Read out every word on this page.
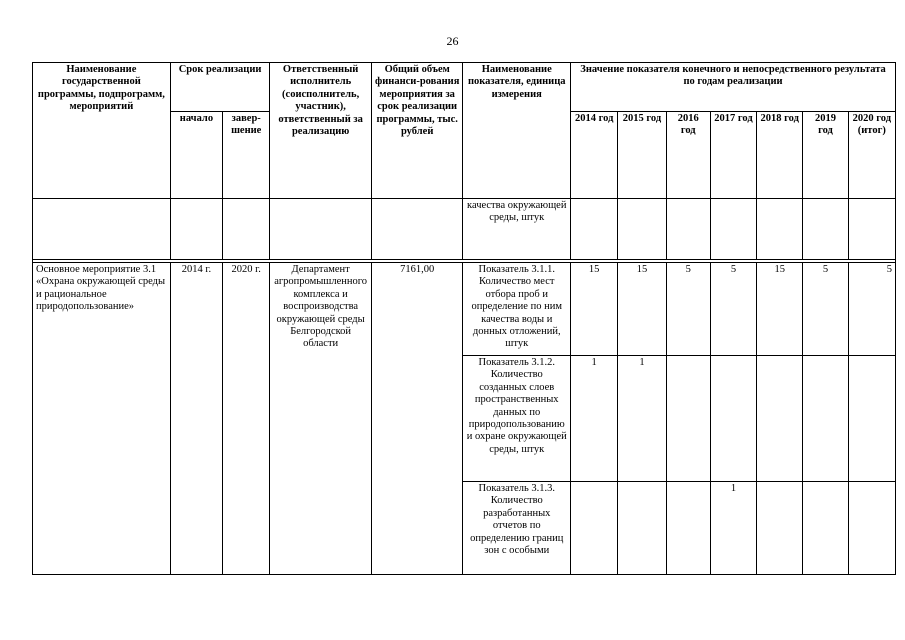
26
Наименование государственной программы, подпрограмм, мероприятий	Срок реализации		Ответственный исполнитель (соисполнитель, участник), ответственный за реализацию	Общий объем финанси-рования мероприятия за срок реализации программы, тыс. рублей	Наименование показателя, единица измерения	Значение показателя конечного и непосредственного результата по годам реализации						
	начало	завер-шение				2014 год	2015 год	2016 год	2017 год	2018 год	2019 год	2020 год (итог)
					качества окружающей среды, штук							

Основное мероприятие 3.1 «Охрана окружающей среды и рациональное природопользование»	2014 г.	2020 г.	Департамент агропромышленного комплекса и воспроизводства окружающей среды Белгородской области	7161,00	Показатель 3.1.1. Количество мест отбора проб и определение по ним качества воды и донных отложений, штук	15	15	5	5	15	5	5
					Показатель 3.1.2. Количество созданных слоев пространственных данных по природопользованию и охране окружающей среды, штук	1	1					
					Показатель 3.1.3. Количество разработанных отчетов по определению границ зон с особыми				1			
